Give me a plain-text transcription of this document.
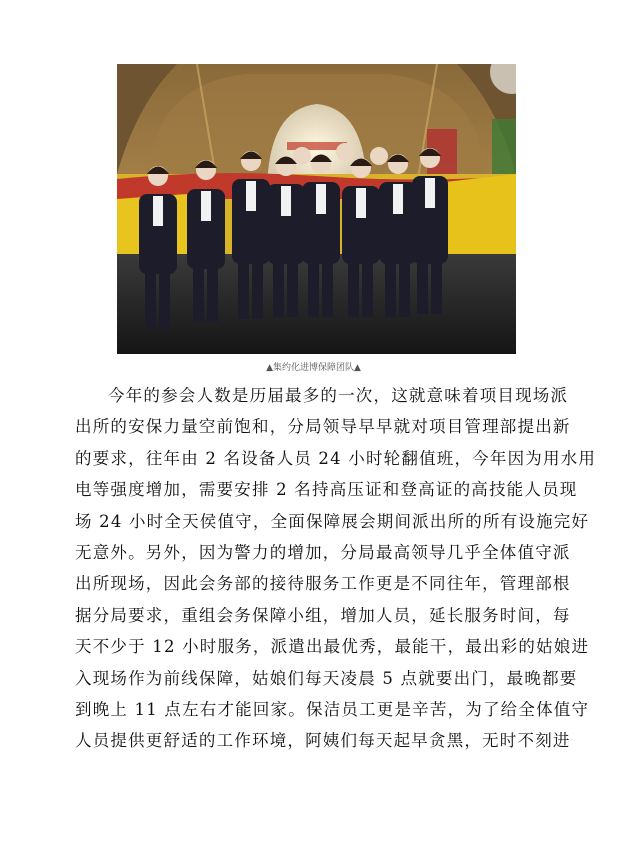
▲集约化进博保障团队▲
今年的参会人数是历届最多的一次，这就意味着项目现场派
出所的安保力量空前饱和，分局领导早早就对项目管理部提出新
的要求，往年由 2 名设备人员 24 小时轮翻值班，今年因为用水用
电等强度增加，需要安排 2 名持高压证和登高证的高技能人员现
场 24 小时全天侯值守，全面保障展会期间派出所的所有设施完好
无意外。另外，因为警力的增加，分局最高领导几乎全体值守派
出所现场，因此会务部的接待服务工作更是不同往年，管理部根
据分局要求，重组会务保障小组，增加人员，延长服务时间，每
天不少于 12 小时服务，派遣出最优秀，最能干，最出彩的姑娘进
入现场作为前线保障，姑娘们每天凌晨 5 点就要出门，最晚都要
到晚上 11 点左右才能回家。保洁员工更是辛苦，为了给全体值守
人员提供更舒适的工作环境，阿姨们每天起早贪黑，无时不刻进
